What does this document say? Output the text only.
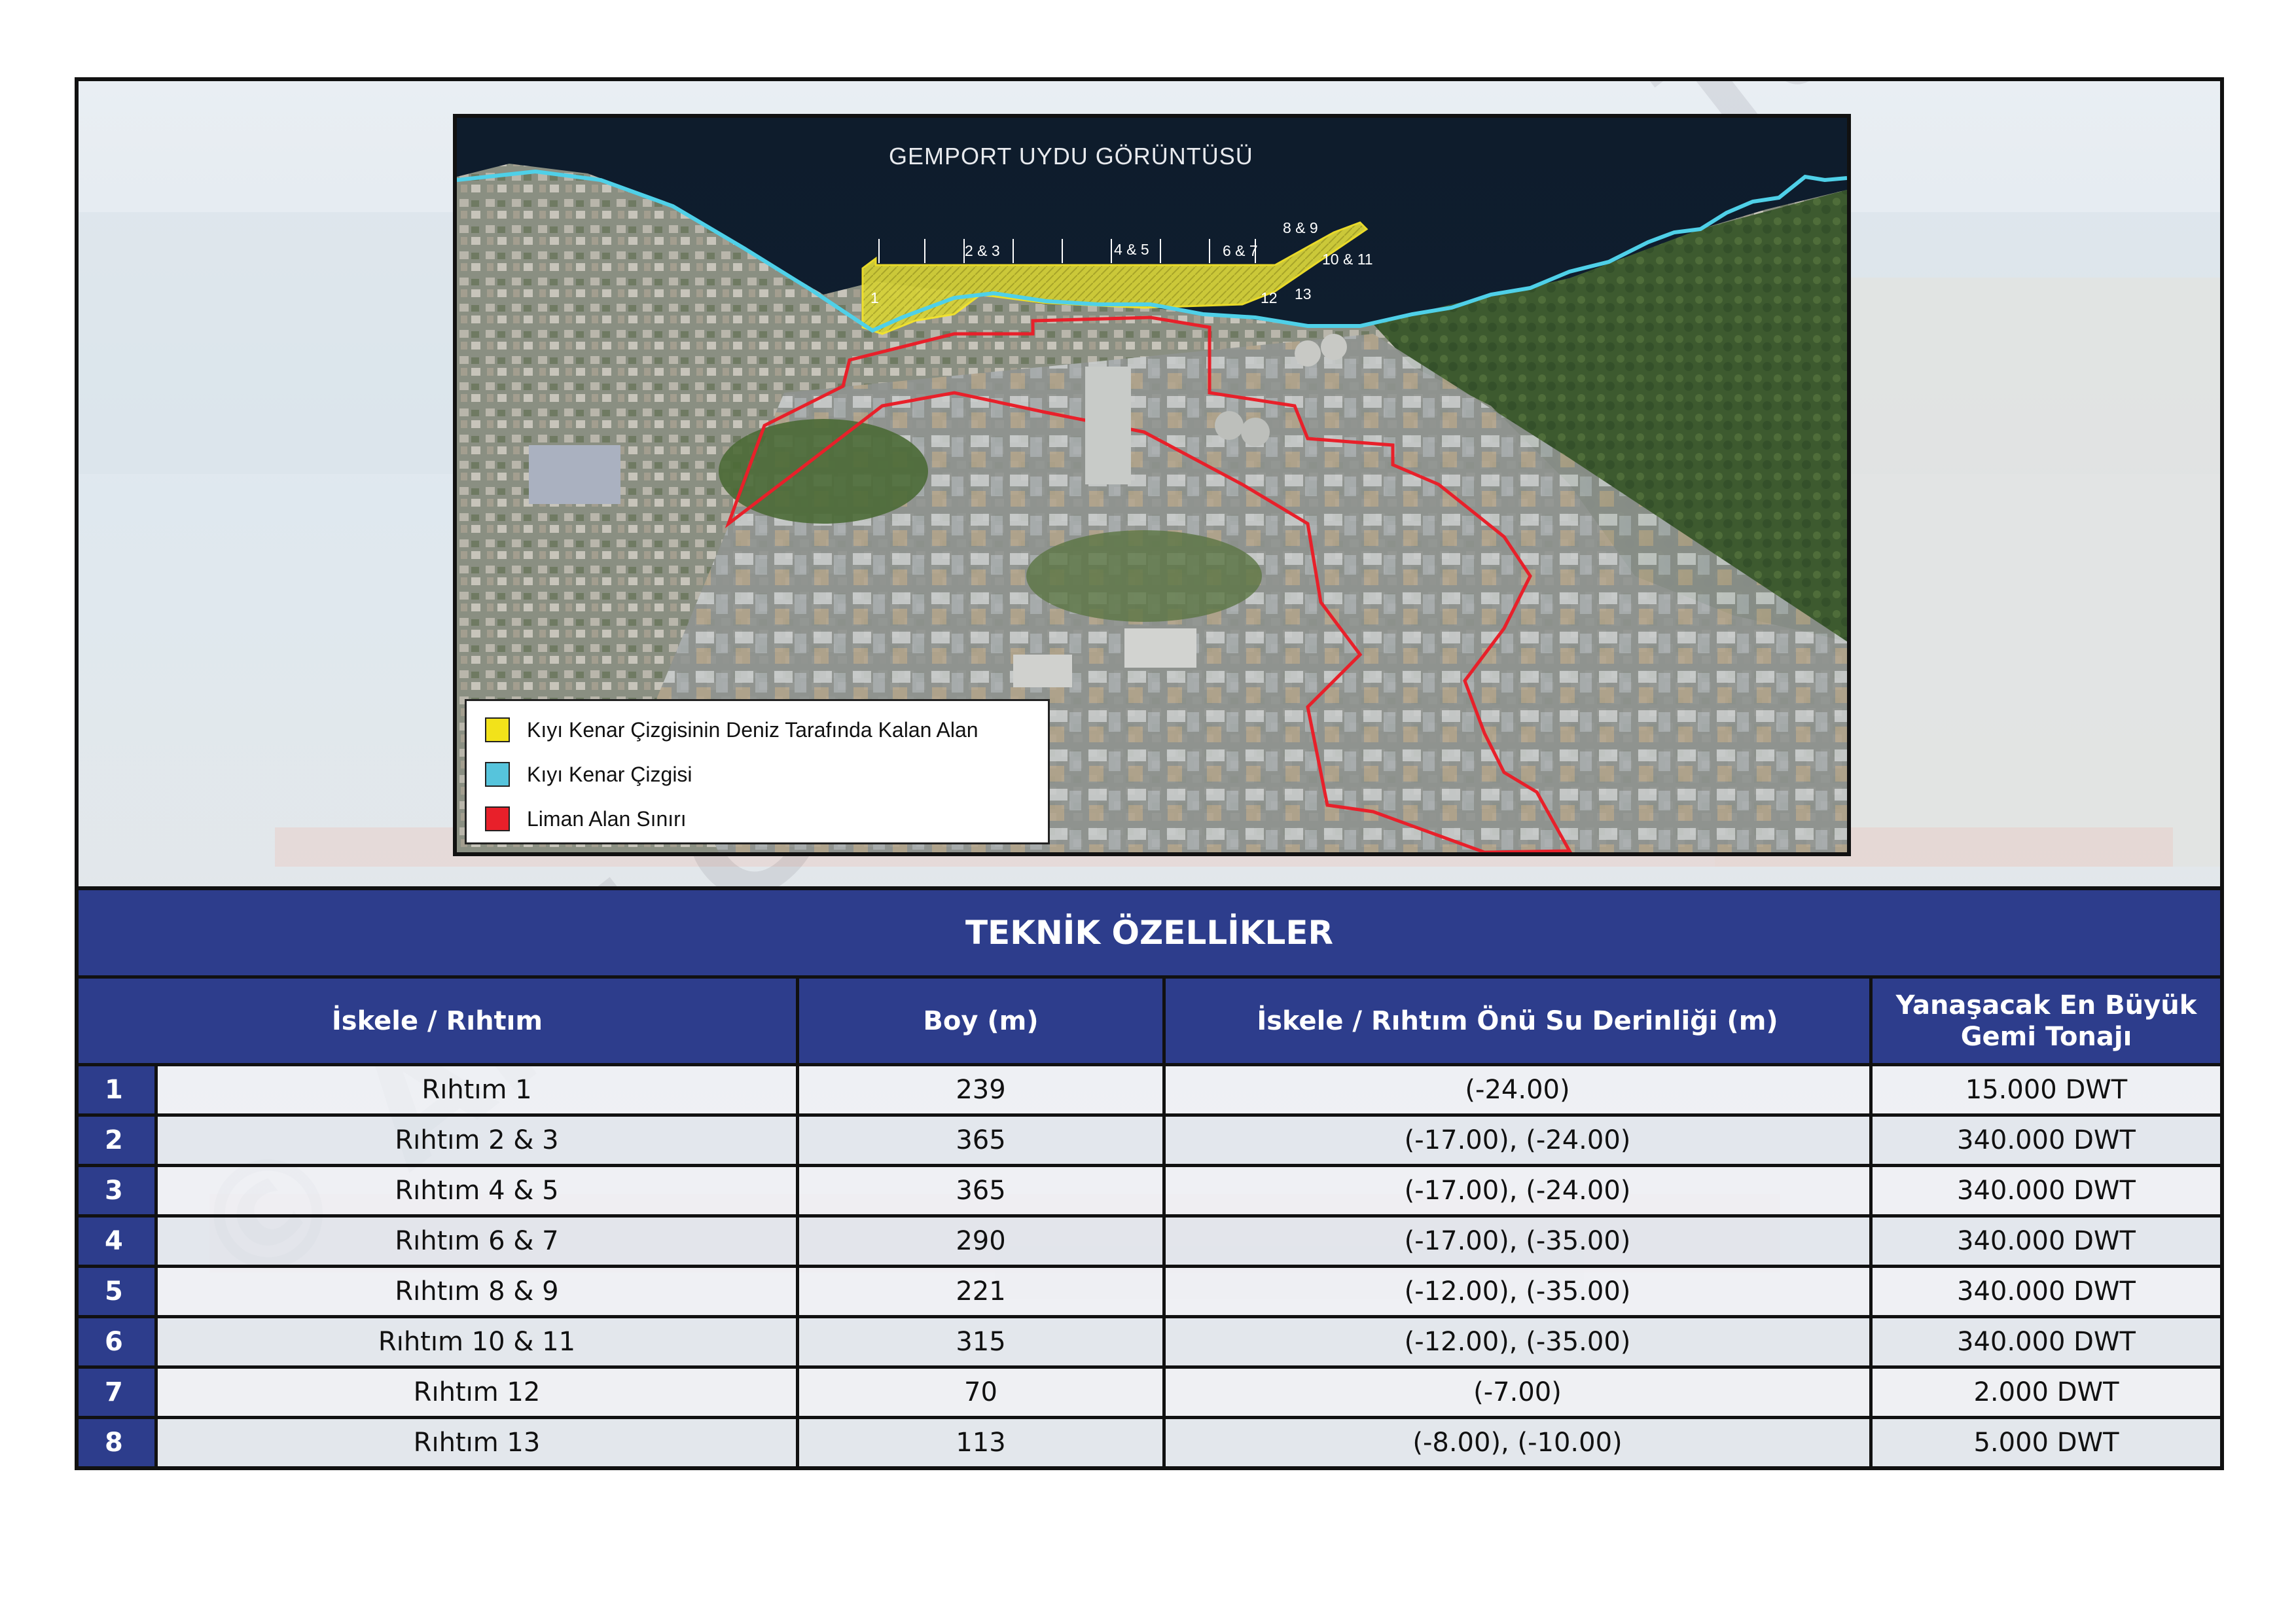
GEMPORT UYDU GÖRÜNTÜSÜ
1
2 & 3	4 & 5	6 & 7
8 & 9
10 & 11
12 13
Kıyı Kenar Çizgisinin Deniz Tarafında Kalan Alan
Kıyı Kenar Çizgisi
Liman Alan Sınırı
TEKNİK ÖZELLİKLER
İskele / Rıhtım	Boy (m)	İskele / Rıhtım Önü Su Derinliği (m)
Yanaşacak En Büyük Gemi Tonajı
1	Rıhtım 1	239	(-24.00)	15.000 DWT
2	Rıhtım 2 & 3	365	(-17.00), (-24.00)	340.000 DWT
3	Rıhtım 4 & 5	365	(-17.00), (-24.00)	340.000 DWT
4	Rıhtım 6 & 7	290	(-17.00), (-35.00)	340.000 DWT
5	Rıhtım 8 & 9	221	(-12.00), (-35.00)	340.000 DWT
6	Rıhtım 10 & 11	315	(-12.00), (-35.00)	340.000 DWT
7	Rıhtım 12	70	(-7.00)	2.000 DWT
8	Rıhtım 13	113	(-8.00), (-10.00)	5.000 DWT
